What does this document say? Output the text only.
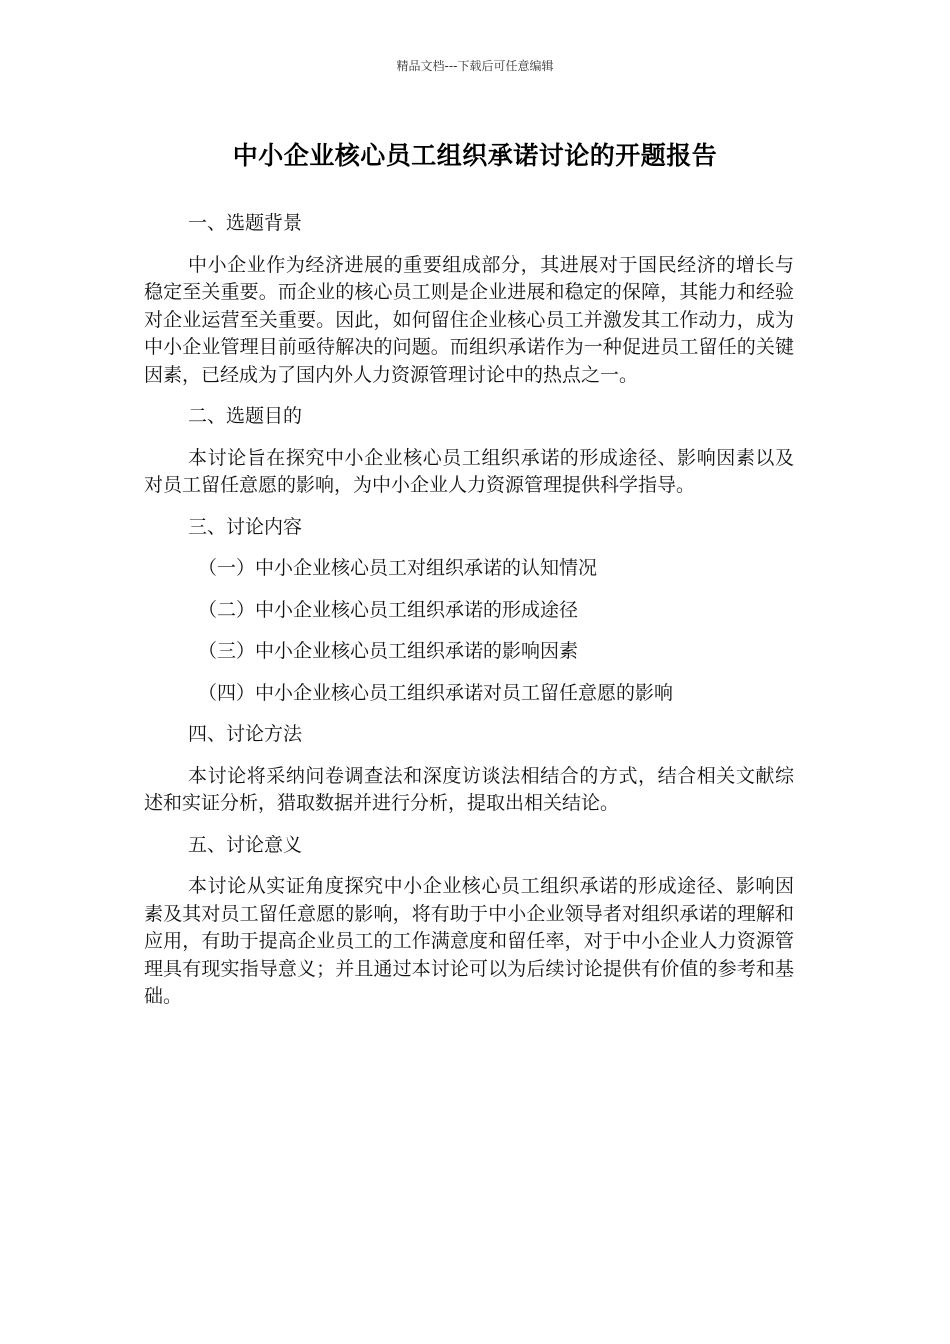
精品文档---下载后可任意编辑
中小企业核心员工组织承诺讨论的开题报告
一、选题背景
中小企业作为经济进展的重要组成部分，其进展对于国民经济的增长与稳定至关重要。而企业的核心员工则是企业进展和稳定的保障，其能力和经验对企业运营至关重要。因此，如何留住企业核心员工并激发其工作动力，成为中小企业管理目前亟待解决的问题。而组织承诺作为一种促进员工留任的关键因素，已经成为了国内外人力资源管理讨论中的热点之一。
二、选题目的
本讨论旨在探究中小企业核心员工组织承诺的形成途径、影响因素以及对员工留任意愿的影响，为中小企业人力资源管理提供科学指导。
三、讨论内容
（一）中小企业核心员工对组织承诺的认知情况
（二）中小企业核心员工组织承诺的形成途径
（三）中小企业核心员工组织承诺的影响因素
（四）中小企业核心员工组织承诺对员工留任意愿的影响
四、讨论方法
本讨论将采纳问卷调查法和深度访谈法相结合的方式，结合相关文献综述和实证分析，猎取数据并进行分析，提取出相关结论。
五、讨论意义
本讨论从实证角度探究中小企业核心员工组织承诺的形成途径、影响因素及其对员工留任意愿的影响，将有助于中小企业领导者对组织承诺的理解和应用，有助于提高企业员工的工作满意度和留任率，对于中小企业人力资源管理具有现实指导意义；并且通过本讨论可以为后续讨论提供有价值的参考和基础。
